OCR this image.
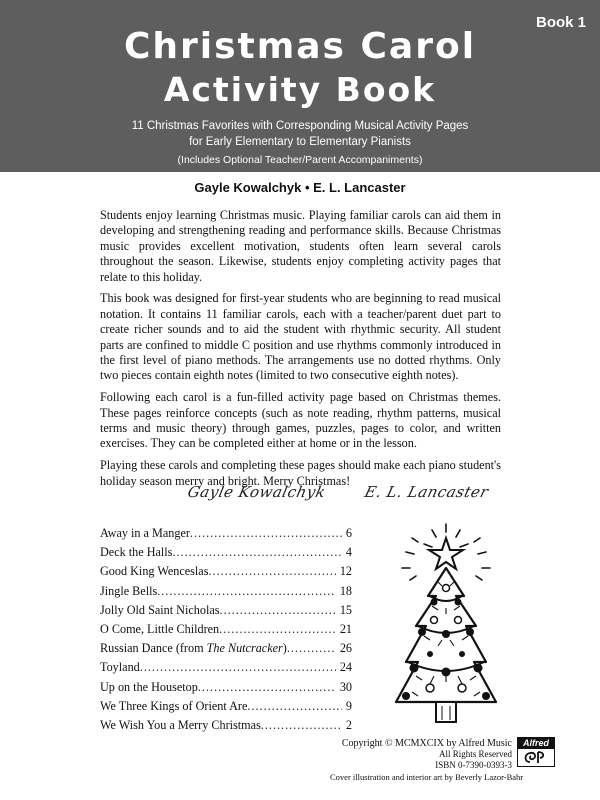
Book 1
Christmas Carol
Activity Book
11 Christmas Favorites with Corresponding Musical Activity Pages
for Early Elementary to Elementary Pianists
(Includes Optional Teacher/Parent Accompaniments)
Gayle Kowalchyk • E. L. Lancaster

Students enjoy learning Christmas music. Playing familiar carols can aid them in developing and strengthening reading and performance skills. Because Christmas music provides excellent motivation, students often learn several carols throughout the season. Likewise, students enjoy completing activity pages that relate to this holiday.

This book was designed for first-year students who are beginning to read musical notation. It contains 11 familiar carols, each with a teacher/parent duet part to create richer sounds and to aid the student with rhythmic security. All student parts are confined to middle C position and use rhythms commonly introduced in the first level of piano methods. The arrangements use no dotted rhythms. Only two pieces contain eighth notes (limited to two consecutive eighth notes).

Following each carol is a fun-filled activity page based on Christmas themes. These pages reinforce concepts (such as note reading, rhythm patterns, musical terms and music theory) through games, puzzles, pages to color, and written exercises. They can be completed either at home or in the lesson.

Playing these carols and completing these pages should make each piano student's holiday season merry and bright. Merry Christmas!

Gayle Kowalchyk E. L. Lancaster
Away in a Manger .....	6
Deck the Halls .....	4
Good King Wenceslas .....	12
Jingle Bells .....	18
Jolly Old Saint Nicholas .....	15
O Come, Little Children .....	21
Russian Dance (from The Nutcracker) .....	26
Toyland .....	24
Up on the Housetop .....	30
We Three Kings of Orient Are .....	9
We Wish You a Merry Christmas .....	2
Copyright © MCMXCIX by Alfred Music
All Rights Reserved
ISBN 0-7390-0393-3
Alfred
Cover illustration and interior art by Beverly Lazor-Bahr
